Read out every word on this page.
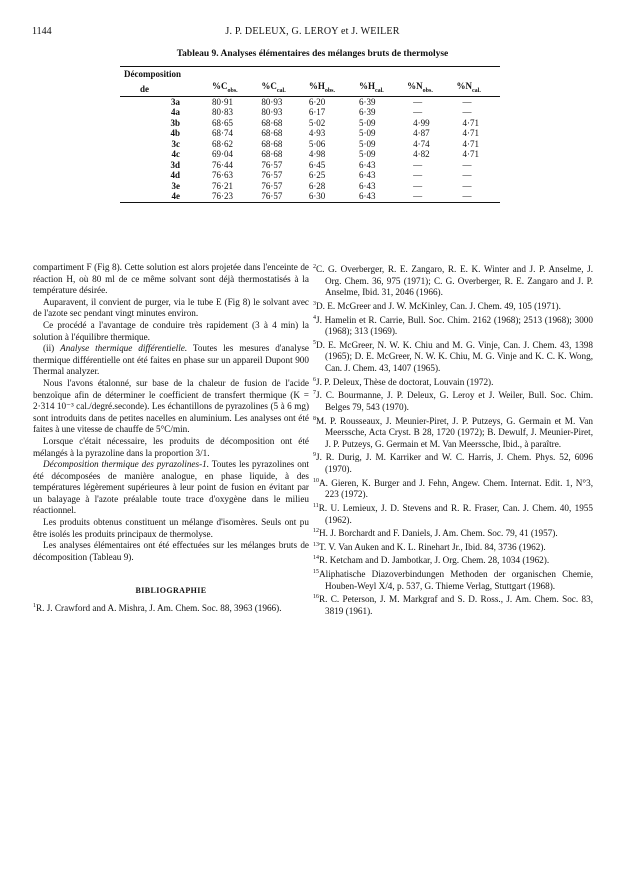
1144	J. P. DELEUX, G. LEROY et J. WEILER
Tableau 9. Analyses élémentaires des mélanges bruts de thermolyse
Décomposition						
de	$\%C_{obs.}$	$\%C_{cal.}$	$\%H_{obs.}$	$\%H_{cal.}$	$\%N_{obs.}$	$\%N_{cal.}$
3a	80·91	80·93	6·20	6·39	—	—
4a	80·83	80·93	6·17	6·39	—	—
3b	68·65	68·68	5·02	5·09	4·99	4·71
4b	68·74	68·68	4·93	5·09	4·87	4·71
3c	68·62	68·68	5·06	5·09	4·74	4·71
4c	69·04	68·68	4·98	5·09	4·82	4·71
3d	76·44	76·57	6·45	6·43	—	—
4d	76·63	76·57	6·25	6·43	—	—
3e	76·21	76·57	6·28	6·43	—	—
4e	76·23	76·57	6·30	6·43	—	—

compartiment F (Fig 8). Cette solution est alors projetée dans l'enceinte de réaction H, où 80 ml de ce même solvant sont déjà thermostatisés à la température désirée.

Auparavent, il convient de purger, via le tube E (Fig 8) le solvant avec de l'azote sec pendant vingt minutes environ.

Ce procédé a l'avantage de conduire très rapidement (3 à 4 min) la solution à l'équilibre thermique.

(ii) Analyse thermique différentielle. Toutes les mesures d'analyse thermique différentielle ont été faites en phase sur un appareil Dupont 900 Thermal analyzer.

Nous l'avons étalonné, sur base de la chaleur de fusion de l'acide benzoïque afin de déterminer le coefficient de transfert thermique (K = 2·314 10⁻³ cal./degré.seconde). Les échantillons de pyrazolines (5 à 6 mg) sont introduits dans de petites nacelles en aluminium. Les analyses ont été faites à une vitesse de chauffe de 5°C/min.

Lorsque c'était nécessaire, les produits de décomposition ont été mélangés à la pyrazoline dans la proportion 3/1.

Décomposition thermique des pyrazolines-1. Toutes les pyrazolines ont été décomposées de manière analogue, en phase liquide, à des températures légèrement supérieures à leur point de fusion en évitant par un balayage à l'azote préalable toute trace d'oxygène dans le milieu réactionnel.

Les produits obtenus constituent un mélange d'isomères. Seuls ont pu être isolés les produits principaux de thermolyse.

Les analyses élémentaires ont été effectuées sur les mélanges bruts de décomposition (Tableau 9).

BIBLIOGRAPHIE

$^1$R. J. Crawford and A. Mishra, J. Am. Chem. Soc. 88, 3963 (1966).

$^2$C. G. Overberger, R. E. Zangaro, R. E. K. Winter and J. P. Anselme, J. Org. Chem. 36, 975 (1971); C. G. Overberger, R. E. Zangaro and J. P. Anselme, Ibid. 31, 2046 (1966).

$^3$D. E. McGreer and J. W. McKinley, Can. J. Chem. 49, 105 (1971).

$^4$J. Hamelin et R. Carrie, Bull. Soc. Chim. 2162 (1968); 2513 (1968); 3000 (1968); 313 (1969).

$^5$D. E. McGreer, N. W. K. Chiu and M. G. Vinje, Can. J. Chem. 43, 1398 (1965); D. E. McGreer, N. W. K. Chiu, M. G. Vinje and K. C. K. Wong, Can. J. Chem. 43, 1407 (1965).

$^6$J. P. Deleux, Thèse de doctorat, Louvain (1972).

$^7$J. C. Bourmanne, J. P. Deleux, G. Leroy et J. Weiler, Bull. Soc. Chim. Belges 79, 543 (1970).

$^8$M. P. Rousseaux, J. Meunier-Piret, J. P. Putzeys, G. Germain et M. Van Meerssche, Acta Cryst. B 28, 1720 (1972); B. Dewulf, J. Meunier-Piret, J. P. Putzeys, G. Germain et M. Van Meerssche, Ibid., à paraître.

$^9$J. R. Durig, J. M. Karriker and W. C. Harris, J. Chem. Phys. 52, 6096 (1970).

$^{10}$A. Gieren, K. Burger and J. Fehn, Angew. Chem. Internat. Edit. 1, N°3, 223 (1972).

$^{11}$R. U. Lemieux, J. D. Stevens and R. R. Fraser, Can. J. Chem. 40, 1955 (1962).

$^{12}$H. J. Borchardt and F. Daniels, J. Am. Chem. Soc. 79, 41 (1957).

$^{13}$T. V. Van Auken and K. L. Rinehart Jr., Ibid. 84, 3736 (1962).

$^{14}$R. Ketcham and D. Jambotkar, J. Org. Chem. 28, 1034 (1962).

$^{15}$Aliphatische Diazoverbindungen Methoden der organischen Chemie, Houben-Weyl X/4, p. 537, G. Thieme Verlag, Stuttgart (1968).

$^{16}$R. C. Peterson, J. M. Markgraf and S. D. Ross., J. Am. Chem. Soc. 83, 3819 (1961).
